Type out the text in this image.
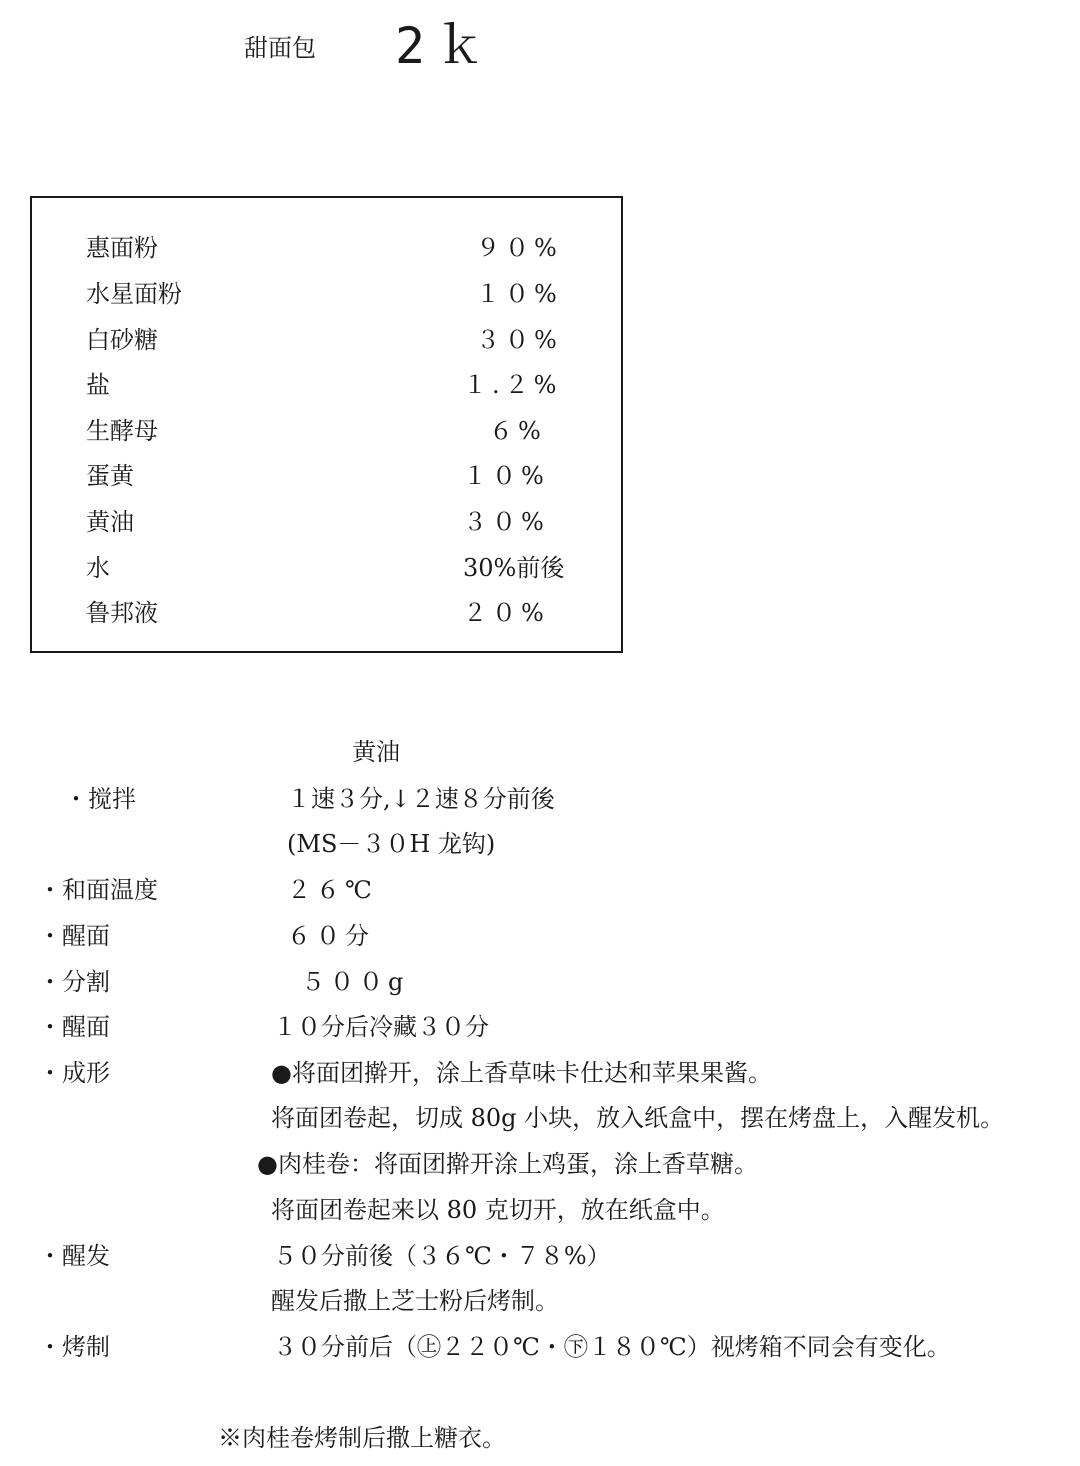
甜面包 2ｋ
惠面粉	９０%
水星面粉	１０%
白砂糖	３０%
盐	１.２%
生酵母	６%
蛋黄	１０%
黄油	３０%
水	30%前後
鲁邦液	２０%
黄油
・搅拌	１速３分,↓２速８分前後
(MS－３０H 龙钩)
・和面温度	２６℃
・醒面	６０分
・分割	５００g
・醒面	１０分后冷藏３０分
・成形	●将面团擀开，涂上香草味卡仕达和苹果果酱。
将面团卷起，切成 80g 小块，放入纸盒中，摆在烤盘上，入醒发机。
●肉桂卷：将面团擀开涂上鸡蛋，涂上香草糖。
将面团卷起来以 80 克切开，放在纸盒中。
・醒发	５０分前後（３６℃・７８%）
醒发后撒上芝士粉后烤制。
・烤制	３０分前后（㊤２２０℃・㊦１８０℃）视烤箱不同会有变化。
※肉桂卷烤制后撒上糖衣。
